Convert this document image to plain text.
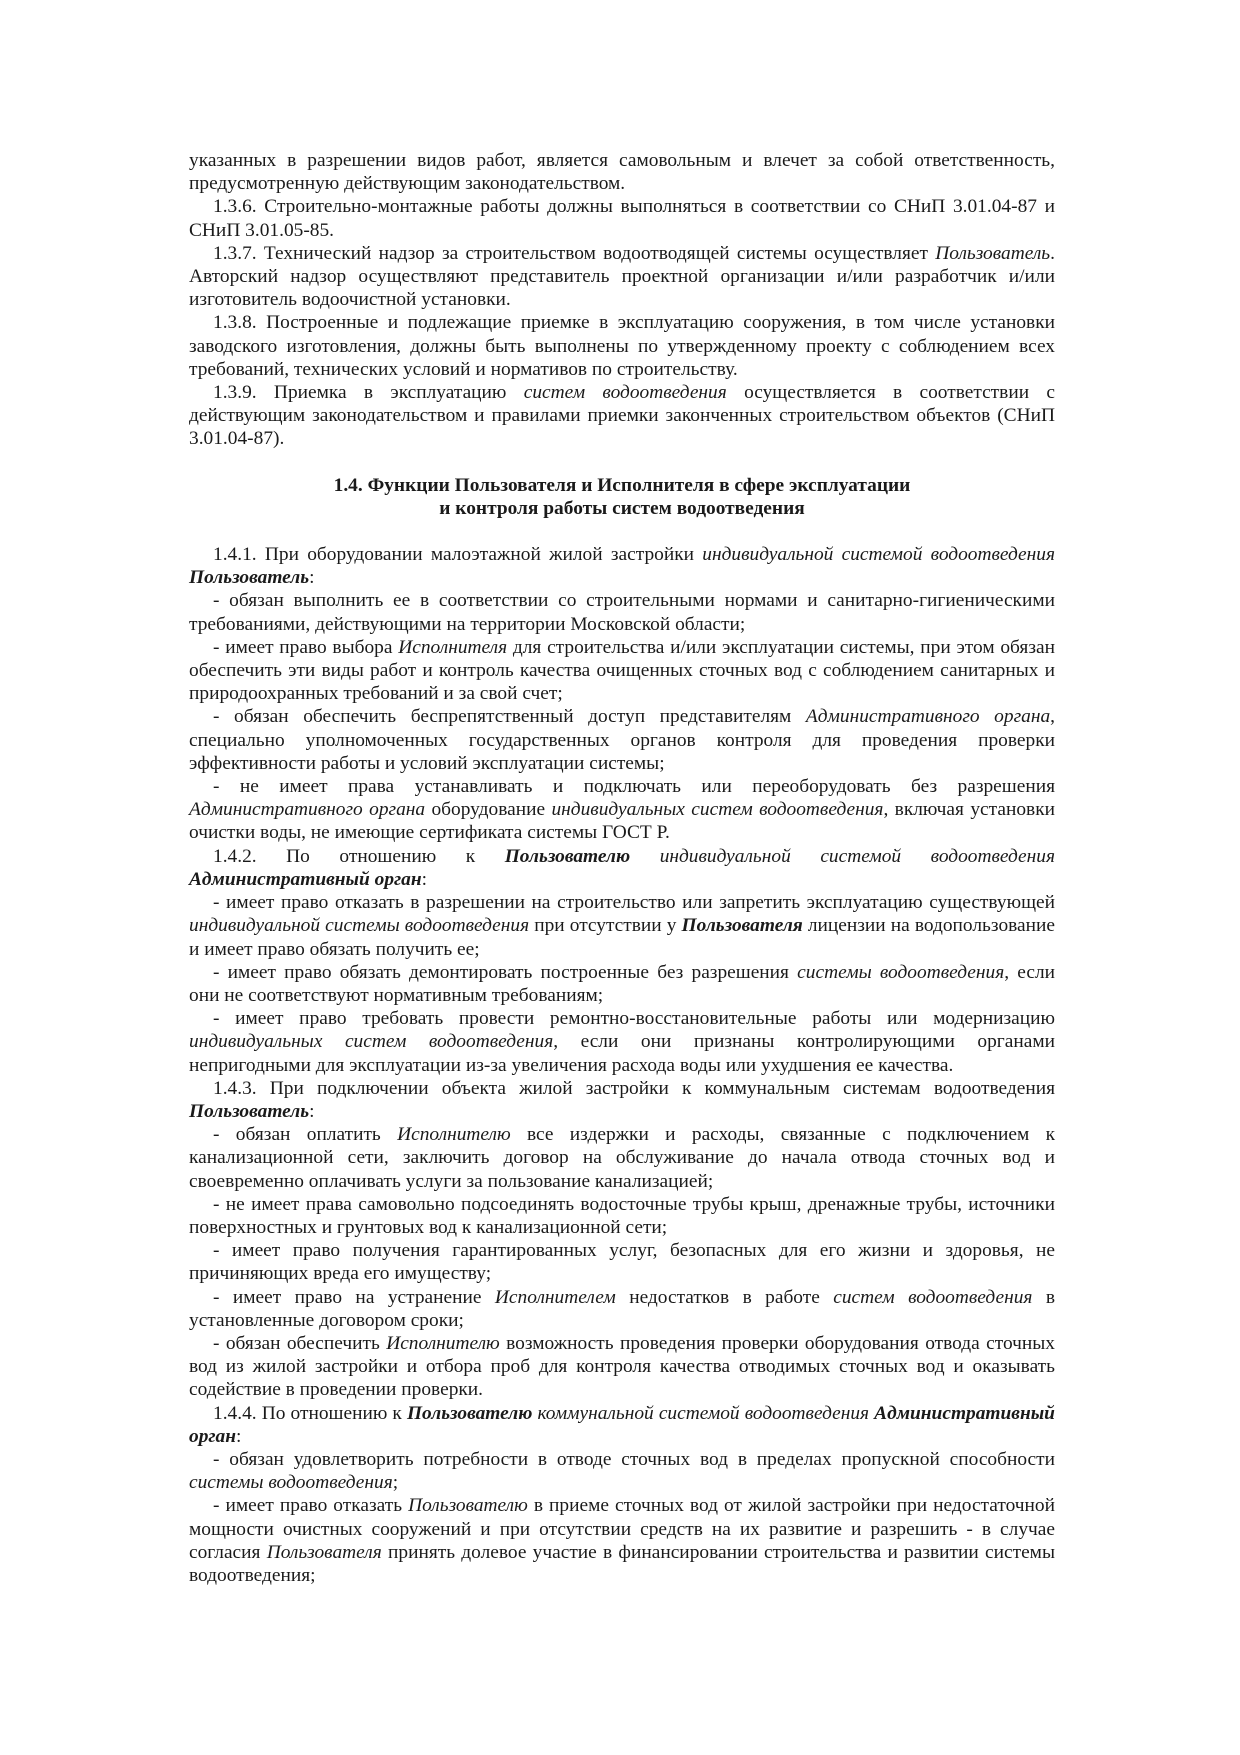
указанных в разрешении видов работ, является самовольным и влечет за собой ответственность, предусмотренную действующим законодательством.

1.3.6. Строительно-монтажные работы должны выполняться в соответствии со СНиП 3.01.04-87 и СНиП 3.01.05-85.

1.3.7. Технический надзор за строительством водоотводящей системы осуществляет Пользователь. Авторский надзор осуществляют представитель проектной организации и/или разработчик и/или изготовитель водоочистной установки.

1.3.8. Построенные и подлежащие приемке в эксплуатацию сооружения, в том числе установки заводского изготовления, должны быть выполнены по утвержденному проекту с соблюдением всех требований, технических условий и нормативов по строительству.

1.3.9. Приемка в эксплуатацию систем водоотведения осуществляется в соответствии с действующим законодательством и правилами приемки законченных строительством объектов (СНиП 3.01.04-87).

1.4. Функции Пользователя и Исполнителя в сфере эксплуатации
и контроля работы систем водоотведения

1.4.1. При оборудовании малоэтажной жилой застройки индивидуальной системой водоотведения Пользователь:

- обязан выполнить ее в соответствии со строительными нормами и санитарно-гигиеническими требованиями, действующими на территории Московской области;

- имеет право выбора Исполнителя для строительства и/или эксплуатации системы, при этом обязан обеспечить эти виды работ и контроль качества очищенных сточных вод с соблюдением санитарных и природоохранных требований и за свой счет;

- обязан обеспечить беспрепятственный доступ представителям Административного органа, специально уполномоченных государственных органов контроля для проведения проверки эффективности работы и условий эксплуатации системы;

- не имеет права устанавливать и подключать или переоборудовать без разрешения Административного органа оборудование индивидуальных систем водоотведения, включая установки очистки воды, не имеющие сертификата системы ГОСТ Р.

1.4.2. По отношению к Пользователю индивидуальной системой водоотведения Административный орган:

- имеет право отказать в разрешении на строительство или запретить эксплуатацию существующей индивидуальной системы водоотведения при отсутствии у Пользователя лицензии на водопользование и имеет право обязать получить ее;

- имеет право обязать демонтировать построенные без разрешения системы водоотведения, если они не соответствуют нормативным требованиям;

- имеет право требовать провести ремонтно-восстановительные работы или модернизацию индивидуальных систем водоотведения, если они признаны контролирующими органами непригодными для эксплуатации из-за увеличения расхода воды или ухудшения ее качества.

1.4.3. При подключении объекта жилой застройки к коммунальным системам водоотведения Пользователь:

- обязан оплатить Исполнителю все издержки и расходы, связанные с подключением к канализационной сети, заключить договор на обслуживание до начала отвода сточных вод и своевременно оплачивать услуги за пользование канализацией;

- не имеет права самовольно подсоединять водосточные трубы крыш, дренажные трубы, источники поверхностных и грунтовых вод к канализационной сети;

- имеет право получения гарантированных услуг, безопасных для его жизни и здоровья, не причиняющих вреда его имуществу;

- имеет право на устранение Исполнителем недостатков в работе систем водоотведения в установленные договором сроки;

- обязан обеспечить Исполнителю возможность проведения проверки оборудования отвода сточных вод из жилой застройки и отбора проб для контроля качества отводимых сточных вод и оказывать содействие в проведении проверки.

1.4.4. По отношению к Пользователю коммунальной системой водоотведения Административный орган:

- обязан удовлетворить потребности в отводе сточных вод в пределах пропускной способности системы водоотведения;

- имеет право отказать Пользователю в приеме сточных вод от жилой застройки при недостаточной мощности очистных сооружений и при отсутствии средств на их развитие и разрешить - в случае согласия Пользователя принять долевое участие в финансировании строительства и развитии системы водоотведения;
